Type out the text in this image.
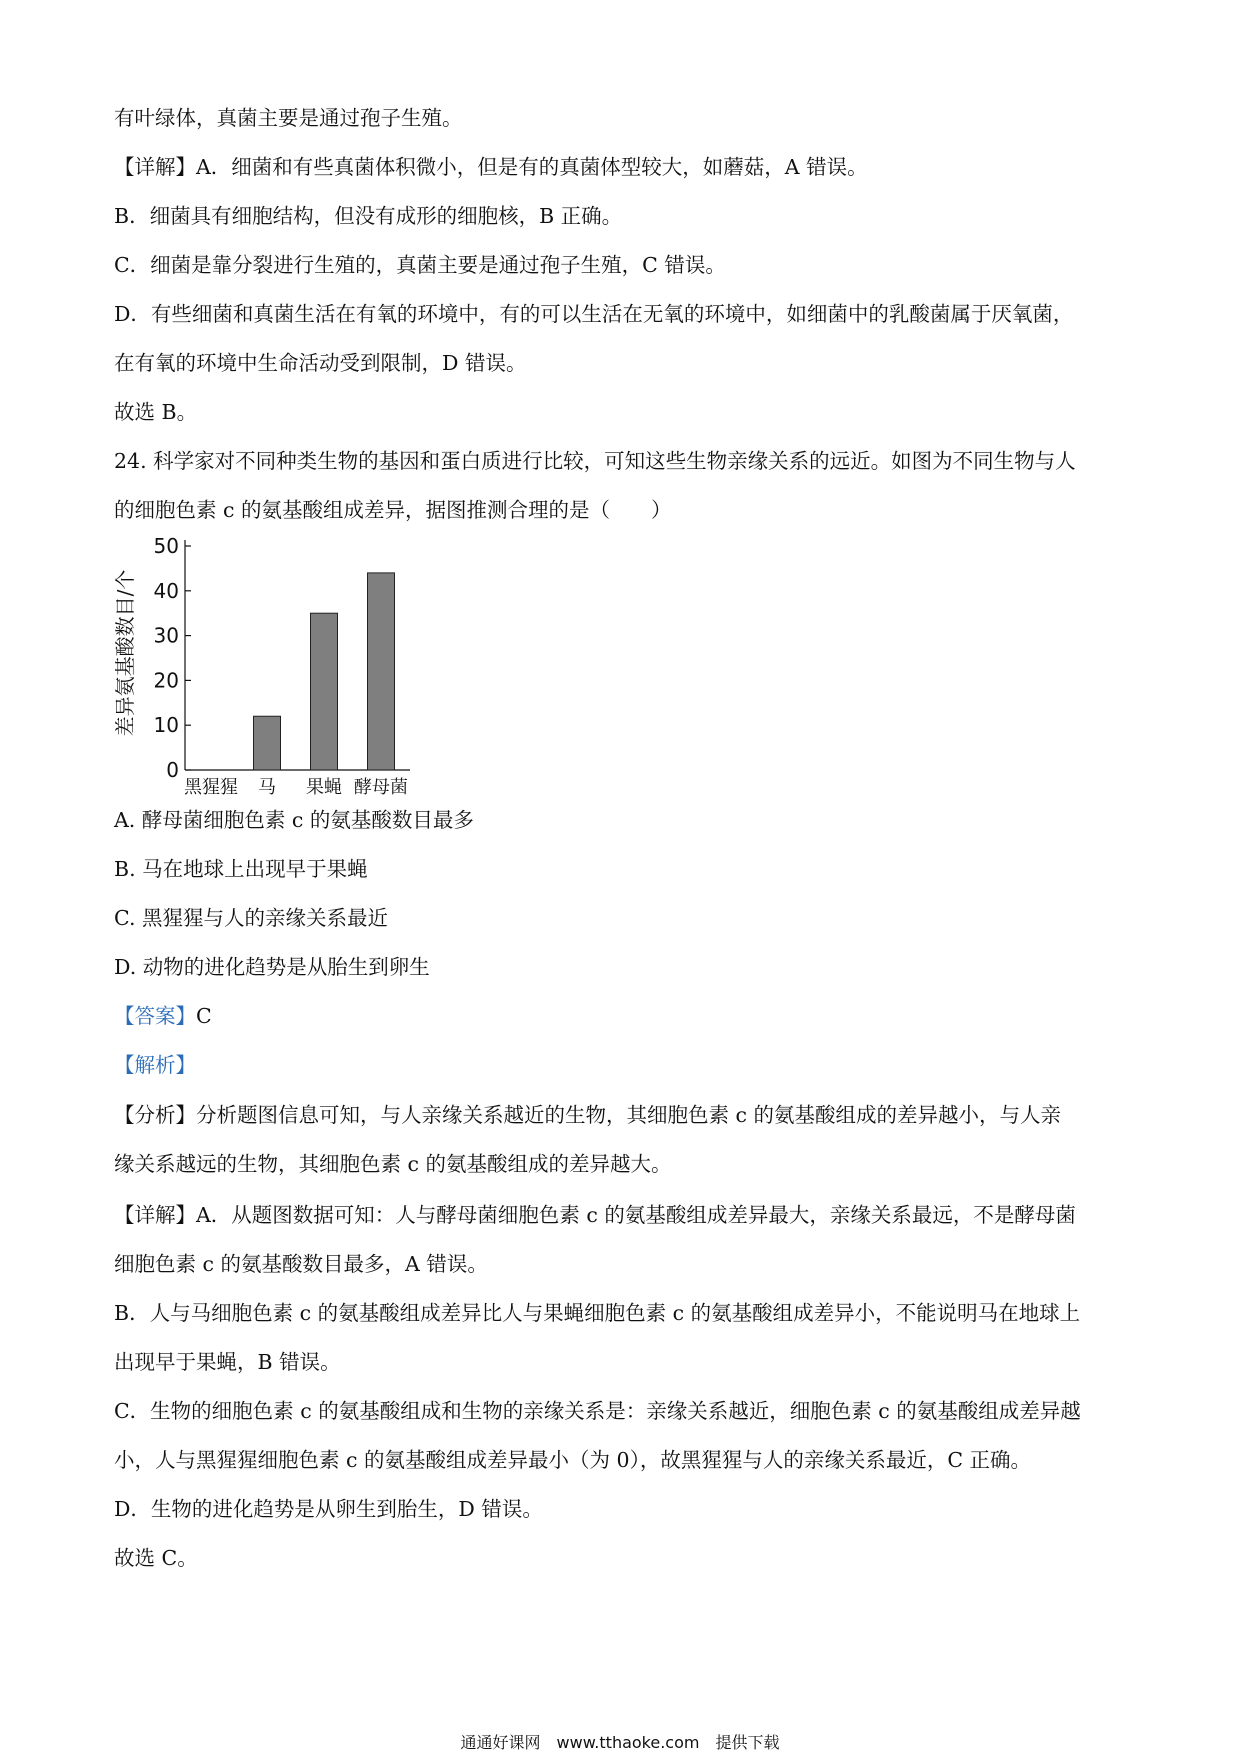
有叶绿体，真菌主要是通过孢子生殖。
【详解】A．细菌和有些真菌体积微小，但是有的真菌体型较大，如蘑菇，A 错误。
B．细菌具有细胞结构，但没有成形的细胞核，B 正确。
C．细菌是靠分裂进行生殖的，真菌主要是通过孢子生殖，C 错误。
D．有些细菌和真菌生活在有氧的环境中，有的可以生活在无氧的环境中，如细菌中的乳酸菌属于厌氧菌，
在有氧的环境中生命活动受到限制，D 错误。
故选 B。
24. 科学家对不同种类生物的基因和蛋白质进行比较，可知这些生物亲缘关系的远近。如图为不同生物与人
的细胞色素 c 的氨基酸组成差异，据图推测合理的是（　　）
0
10
20
30
40
50
差异氨基酸数目/个
黑猩猩 马 果蝇 酵母菌
A. 酵母菌细胞色素 c 的氨基酸数目最多
B. 马在地球上出现早于果蝇
C. 黑猩猩与人的亲缘关系最近
D. 动物的进化趋势是从胎生到卵生
【答案】C
【解析】
【分析】分析题图信息可知，与人亲缘关系越近的生物，其细胞色素 c 的氨基酸组成的差异越小，与人亲
缘关系越远的生物，其细胞色素 c 的氨基酸组成的差异越大。
【详解】A．从题图数据可知：人与酵母菌细胞色素 c 的氨基酸组成差异最大，亲缘关系最远，不是酵母菌
细胞色素 c 的氨基酸数目最多，A 错误。
B．人与马细胞色素 c 的氨基酸组成差异比人与果蝇细胞色素 c 的氨基酸组成差异小，不能说明马在地球上
出现早于果蝇，B 错误。
C．生物的细胞色素 c 的氨基酸组成和生物的亲缘关系是：亲缘关系越近，细胞色素 c 的氨基酸组成差异越
小，人与黑猩猩细胞色素 c 的氨基酸组成差异最小（为 0），故黑猩猩与人的亲缘关系最近，C 正确。
D．生物的进化趋势是从卵生到胎生，D 错误。
故选 C。
通通好课网　www.tthaoke.com　提供下载
